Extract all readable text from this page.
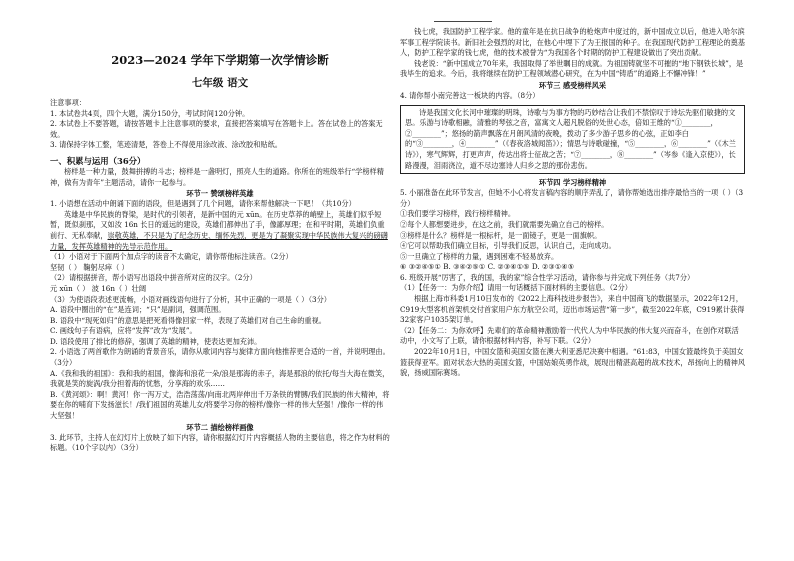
2023—2024 学年下学期第一次学情诊断

七年级 语文

注意事项：

1. 本试卷共4页，四个大题，满分150分，考试时间120分钟。

2. 本试卷上不要答题，请按答题卡上注意事项的要求，直接把答案填写在答题卡上。答在试卷上的答案无效。

3. 请保持字体工整，笔迹清楚，答卷上不得使用涂改液、涂改胶和贴纸。

一、积累与运用（36分）

榜样是一种力量，鼓舞拼搏的斗志；榜样是一盏明灯，照亮人生的道路。你所在的班级举行“学榜样精神，做有为青年”主题活动，请你一起参与。

环节一 赞颂榜样英雄

1. 小语想在活动中朗诵下面的语段，但是遇到了几个问题，请你来帮他解决一下吧！（共10分）

英雄是中华民族的脊梁，是时代的引领者，是新中国的元 xūn。在历史草莽的峭壁上，英雄们似乎短暂，既似刹那，又如汝 16n 长日的遥远的建设，英雄们都伸出了手，像鄙厚理；在和平时期，英雄们负重前行、无私奉献，崇敬英雄，不只是为了纪念历史、缅怀先烈，更是为了凝聚实现中华民族伟大复兴的磅礴力量，发挥英雄精神的先导示范作用。

（1）小语对于下面两个加点字的读音不太确定，请你帮他标注读音。（2分）

坚韧（ ） 鞠躬尽瘁（ ）

（2）请根据拼音，帮小语写出语段中拼音所对应的汉字。（2分）

元 xūn（ ） 波 16n（ ）壮阔

（3）为使语段表述更流畅，小语对画线语句进行了分析，其中正确的一项是（ ）（3分）

A. 语段中圈出的“在”是连词；“只”是副词，强调范围。

B. 语段中“现死如归”的意思是把死看得像回家一样，表现了英雄们对自己生命的重视。

C. 画线句子有语病，应将“发挥”改为“发展”。

D. 语段使用了排比的修辞，强调了英雄的精神，使表达更加充沛。

2. 小语选了两首歌作为朗诵的背景音乐，请你从歌词内容与旋律方面向他推荐更合适的一首，并说明理由。（3分）

A.《我和我的祖国》：我和我的祖国，像海和浪花一朵/浪是那海的赤子，海是那浪的依托/每当大海在微笑，我就是笑的旋涡/我分担着海的忧愁，分享海的欢乐……

B.《黄河颂》：啊！黄河！你一泻万丈，浩浩荡荡/向南北两岸伸出千万条铁的臂膊/我们民族的伟大精神，将要在你的哺育下发扬滋长！/我们祖国的英雄儿女/将要学习你的榜样/像你一样的伟大坚强！/像你一样的伟大坚强！

环节二 描绘榜样画像

3. 此环节，主持人在幻灯片上放映了如下内容，请你根据幻灯片内容概括人物的主要信息，将之作为材料的标题。（10个字以内）（3分）

钱七虎，我国防护工程学家。他的童年是在抗日战争的枪炮声中度过的，新中国成立以后，他进入哈尔滨军事工程学院读书。新旧社会强烈的对比，在他心中埋下了为王报国的种子。在我国现代防护工程理论的奠基人，防护工程学家的钱七虎，他的技术被誉为“为我国各个时期的防护工程建设做出了突出贡献。

钱老说：“新中国成立70年来，我国取得了举世瞩目的成就。为祖国铸就坚不可摧的“地下钢铁长城”，是我毕生的追求。今后，我将继续在防护工程领域潜心研究，在为中国“铸盾”的道路上不懈冲锋！”

环节三 感受榜样风采

4. 请你帮小南完善这一板块的内容。（8分）

诗是我国文化长河中璀璨的明珠，诗歌与为事方物的巧妙结合让我们不禁惊叹于诗坛先驱们敏捷的文思。乐游与诗歌相融，清雅的琴弦之音，富寓文人超凡脱俗的处世心态，倍如王维的“①________，②________”；悠扬的箭声飘落在月朗风清的夜晚，拨动了多少游子思乡的心弦，正如李白的“③________，④________”（《春夜洛城闻笛》）；情思与诗歌碰撞，“⑤________，⑥________”（《木兰诗》），寒气辉辉，打更声声，传达出将士征战之苦；“⑦________，⑧________”（岑参《逢入京使》），长路漫漫，泪雨浇泣，道不尽边塞诗人归乡之思的那份悲伤。

环节四 学习榜样精神

5. 小丽准备在此环节发言，但她不小心将发言稿内容的顺序弄乱了，请你帮她选出排序最恰当的一项（ ）（3分）

①我们要学习榜样，践行榜样精神。

②每个人都想要进步，在这之前，我们就需要先确立自己的榜样。

③榜样是什么？榜样是一根标杆，是一面镜子，更是一面旗帜。

④它可以帮助我们确立目标，引导我们反思，认识自己，走向成功。

⑤一旦确立了榜样的力量，遇到困难不轻易放弃。

⑥ ③②④⑤① B. ③④②⑤① C. ②③④①⑤ D. ②③①④⑤

6. 班级开展“厉害了，我的国，我的家”综合性学习活动，请你参与并完成下列任务（共7分）

（1）【任务一：为你介绍】请用一句话概括下面材料的主要信息。（2分）

根据上海市科委1月10日发布的《2022上海科技进步报告》，来自中国商飞的数据显示，2022年12月，C919大型客机首架机交付首家用户东方航空公司，迈出市场运营“第一步”，截至2022年底，C919累计获得32家客户1035架订单。

（2）【任务二：为你欢呼】先辈们的革命精神激励着一代代人为中华民族的伟大复兴而奋斗，在创作对联活动中，小文写了上联，请你根据材料内容，补写下联。（2分）

2022年10月1日，中国女篮和美国女篮在澳大利亚悉尼决赛中相遇。“61:83，中国女篮最终负于美国女篮获得亚军。面对状态大热的美国女篮，中国姑娘英勇作战，展现出精湛高超的战术技术，昂扬向上的精神风貌，扬威国际赛场。
